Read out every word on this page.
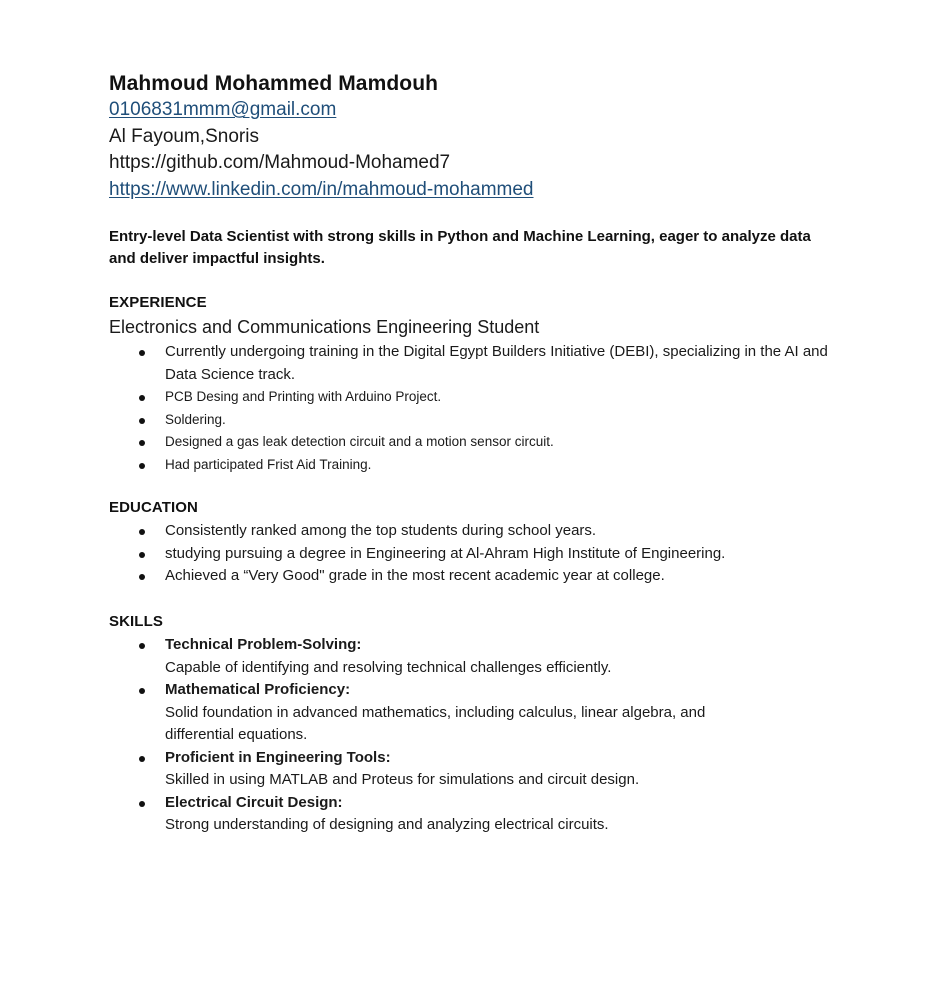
Mahmoud Mohammed Mamdouh
0106831mmm@gmail.com
Al Fayoum,Snoris
https://github.com/Mahmoud-Mohamed7
https://www.linkedin.com/in/mahmoud-mohammed
Entry-level Data Scientist with strong skills in Python and Machine Learning, eager to analyze data and deliver impactful insights.
EXPERIENCE
Electronics and Communications Engineering Student
Currently undergoing training in the Digital Egypt Builders Initiative (DEBI), specializing in the AI and Data Science track.
PCB Desing and Printing with Arduino Project.
Soldering.
Designed a gas leak detection circuit and a motion sensor circuit.
Had participated Frist Aid Training.
EDUCATION
Consistently ranked among the top students during school years.
studying pursuing a degree in Engineering at Al-Ahram High Institute of Engineering.
Achieved a “Very Good" grade in the most recent academic year at college.
SKILLS
Technical Problem-Solving:
Capable of identifying and resolving technical challenges efficiently.
Mathematical Proficiency:
Solid foundation in advanced mathematics, including calculus, linear algebra, and differential equations.
Proficient in Engineering Tools:
Skilled in using MATLAB and Proteus for simulations and circuit design.
Electrical Circuit Design:
Strong understanding of designing and analyzing electrical circuits.
